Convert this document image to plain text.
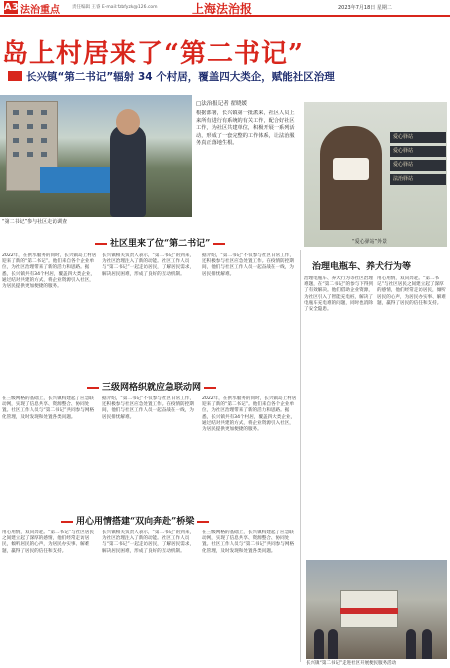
A3 法治重点	责任编辑 王睿 E-mail:fzbfyzk@126.com	上海法治报	2023年7月18日 星期二
岛上村居来了“第二书记”
长兴镇“第二书记”辐射 34 个村居，覆盖四大类企，赋能社区治理
“第二书记”参与社区走访调查
□法治报记者 翟晓媛
根据部署，长兴镇第一批派来，社区人员上来所有进行有系统的有关工作，配合好社区工作，为社区共建单位，积极开展一系列活动，形成了一套完整的工作体系，让法治服务真正落地生根。
爱心驿站
爱心驿站
爱心驿站
法治驿站
“爱心驿站”外景
社区里来了位“第二书记”
2022年，在供水服务的同时，长兴镇岛上村居迎来了新的“第二书记”。他们来自各个企业单位，为社区治理带来了新的活力和思路。据悉，长兴镇共有34个村居，覆盖四大类企业，通过结对共建的方式，将企业资源引入社区，为居民提供更加便捷的服务。
长兴镇相关负责人表示，“第二书记”的到来，为社区治理注入了新的动能。社区工作人员与“第二书记”一起走访居民，了解居民需求，解决居民困难，形成了良好的互动机制。
据介绍，“第二书记”不仅参与社区日常工作，还积极参与社区应急处置工作。在疫情防控期间，他们与社区工作人员一起奋战在一线，为居民排忧解难。
三级网格织就应急联动网
在三级网格的基础上，长兴镇构建起了应急联动网，实现了信息共享、资源整合、协同处置。社区工作人员与“第二书记”共同参与网格化管理，及时发现和处置各类问题。
据介绍，“第二书记”不仅参与社区日常工作，还积极参与社区应急处置工作。在疫情防控期间，他们与社区工作人员一起奋战在一线，为居民排忧解难。
2022年，在供水服务的同时，长兴镇岛上村居迎来了新的“第二书记”。他们来自各个企业单位，为社区治理带来了新的活力和思路。据悉，长兴镇共有34个村居，覆盖四大类企业，通过结对共建的方式，将企业资源引入社区，为居民提供更加便捷的服务。
用心用情搭建“双向奔赴”桥梁
用心用情，双向奔赴。“第二书记”与社区居民之间建立起了深厚的感情，他们经常走访居民，倾听居民的心声，为居民办实事、解难题，赢得了居民的信任和支持。
长兴镇相关负责人表示，“第二书记”的到来，为社区治理注入了新的动能。社区工作人员与“第二书记”一起走访居民，了解居民需求，解决居民困难，形成了良好的互动机制。
在三级网格的基础上，长兴镇构建起了应急联动网，实现了信息共享、资源整合、协同处置。社区工作人员与“第二书记”共同参与网格化管理，及时发现和处置各类问题。
治理电瓶车、养犬行为等
治理电瓶车、养犬行为等社区治理难题，在“第二书记”的参与下得到了有效解决。他们借助企业资源，为社区引入了智能充电桩，解决了电瓶车充电难的问题，同时也消除了安全隐患。
用心用情，双向奔赴。“第二书记”与社区居民之间建立起了深厚的感情，他们经常走访居民，倾听居民的心声，为居民办实事、解难题，赢得了居民的信任和支持。
长兴镇“第二书记”走进社区开展便民服务活动
